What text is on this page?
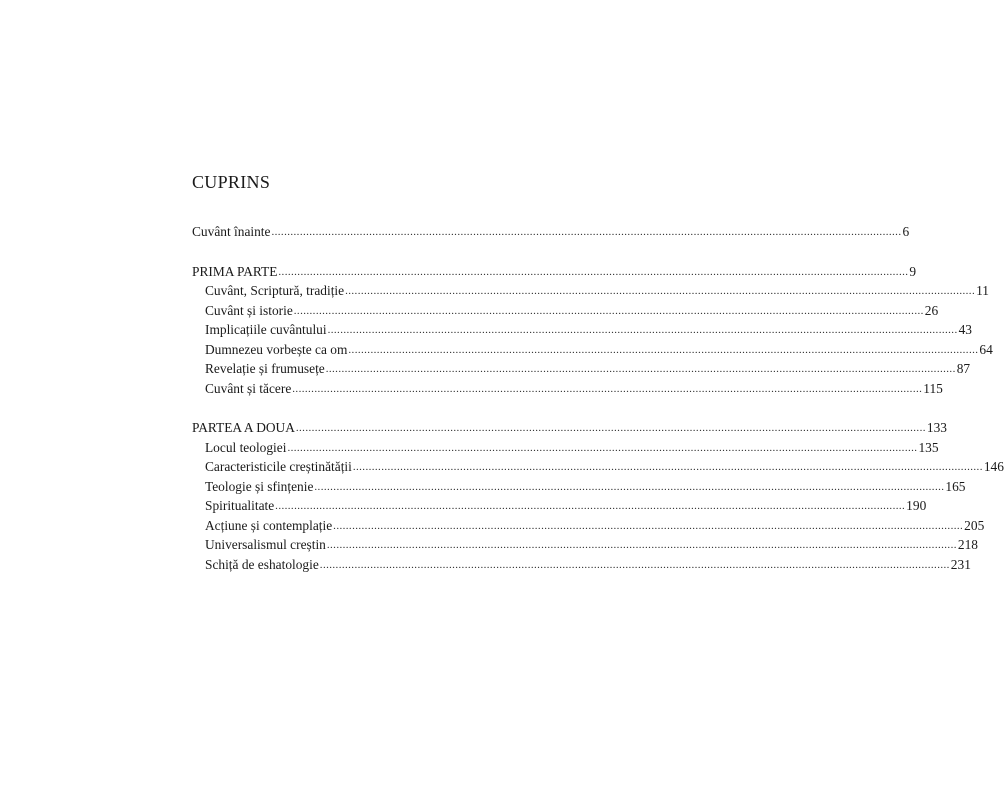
CUPRINS
Cuvânt înainte ........................................................................................................................................................................................................ 6
PRIMA PARTE ........................................................................................................................................................................................................ 9
Cuvânt, Scriptură, tradiție ........................................................................................................................................................................................................ 11
Cuvânt și istorie ........................................................................................................................................................................................................ 26
Implicațiile cuvântului ........................................................................................................................................................................................................ 43
Dumnezeu vorbește ca om ........................................................................................................................................................................................................ 64
Revelație și frumusețe ........................................................................................................................................................................................................ 87
Cuvânt și tăcere ........................................................................................................................................................................................................ 115
PARTEA A DOUA ........................................................................................................................................................................................................ 133
Locul teologiei ........................................................................................................................................................................................................ 135
Caracteristicile creștinătății ........................................................................................................................................................................................................ 146
Teologie și sfințenie ........................................................................................................................................................................................................ 165
Spiritualitate ........................................................................................................................................................................................................ 190
Acțiune și contemplație ........................................................................................................................................................................................................ 205
Universalismul creștin ........................................................................................................................................................................................................ 218
Schiță de eshatologie ........................................................................................................................................................................................................ 231
